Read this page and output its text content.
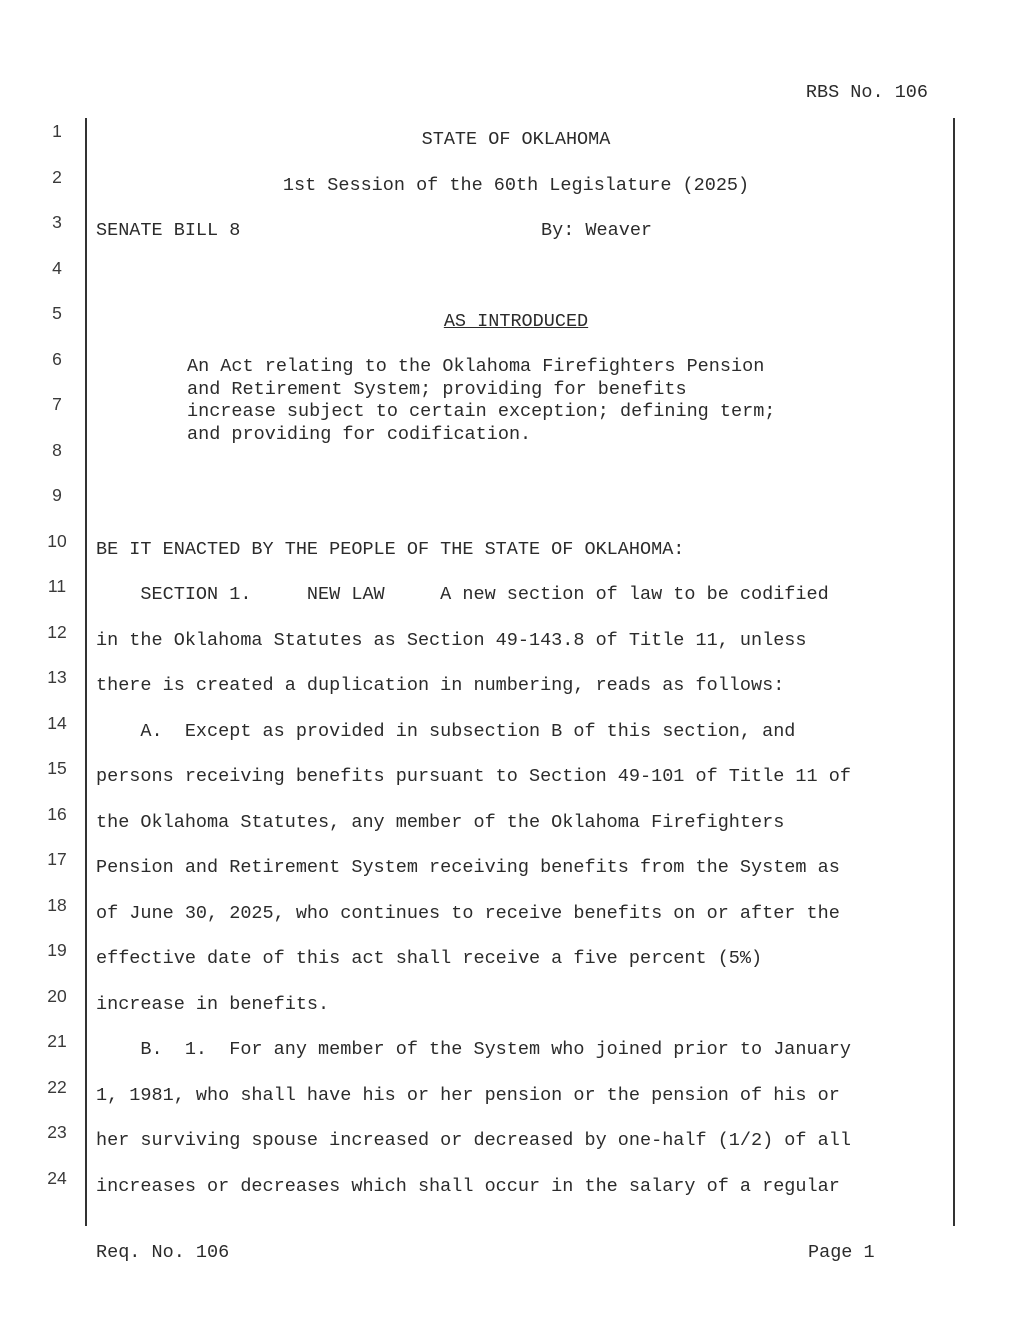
RBS No. 106
1
2
3
4
5
6
7
8
9
10
11
12
13
14
15
16
17
18
19
20
21
22
23
24
STATE OF OKLAHOMA
1st Session of the 60th Legislature (2025)
SENATE BILL 8	By: Weaver
AS INTRODUCED
An Act relating to the Oklahoma Firefighters Pension
and Retirement System; providing for benefits
increase subject to certain exception; defining term;
and providing for codification.
BE IT ENACTED BY THE PEOPLE OF THE STATE OF OKLAHOMA:
SECTION 1.     NEW LAW     A new section of law to be codified
in the Oklahoma Statutes as Section 49-143.8 of Title 11, unless
there is created a duplication in numbering, reads as follows:
A.  Except as provided in subsection B of this section, and
persons receiving benefits pursuant to Section 49-101 of Title 11 of
the Oklahoma Statutes, any member of the Oklahoma Firefighters
Pension and Retirement System receiving benefits from the System as
of June 30, 2025, who continues to receive benefits on or after the
effective date of this act shall receive a five percent (5%)
increase in benefits.
B.  1.  For any member of the System who joined prior to January
1, 1981, who shall have his or her pension or the pension of his or
her surviving spouse increased or decreased by one-half (1/2) of all
increases or decreases which shall occur in the salary of a regular
Req. No. 106	Page 1
